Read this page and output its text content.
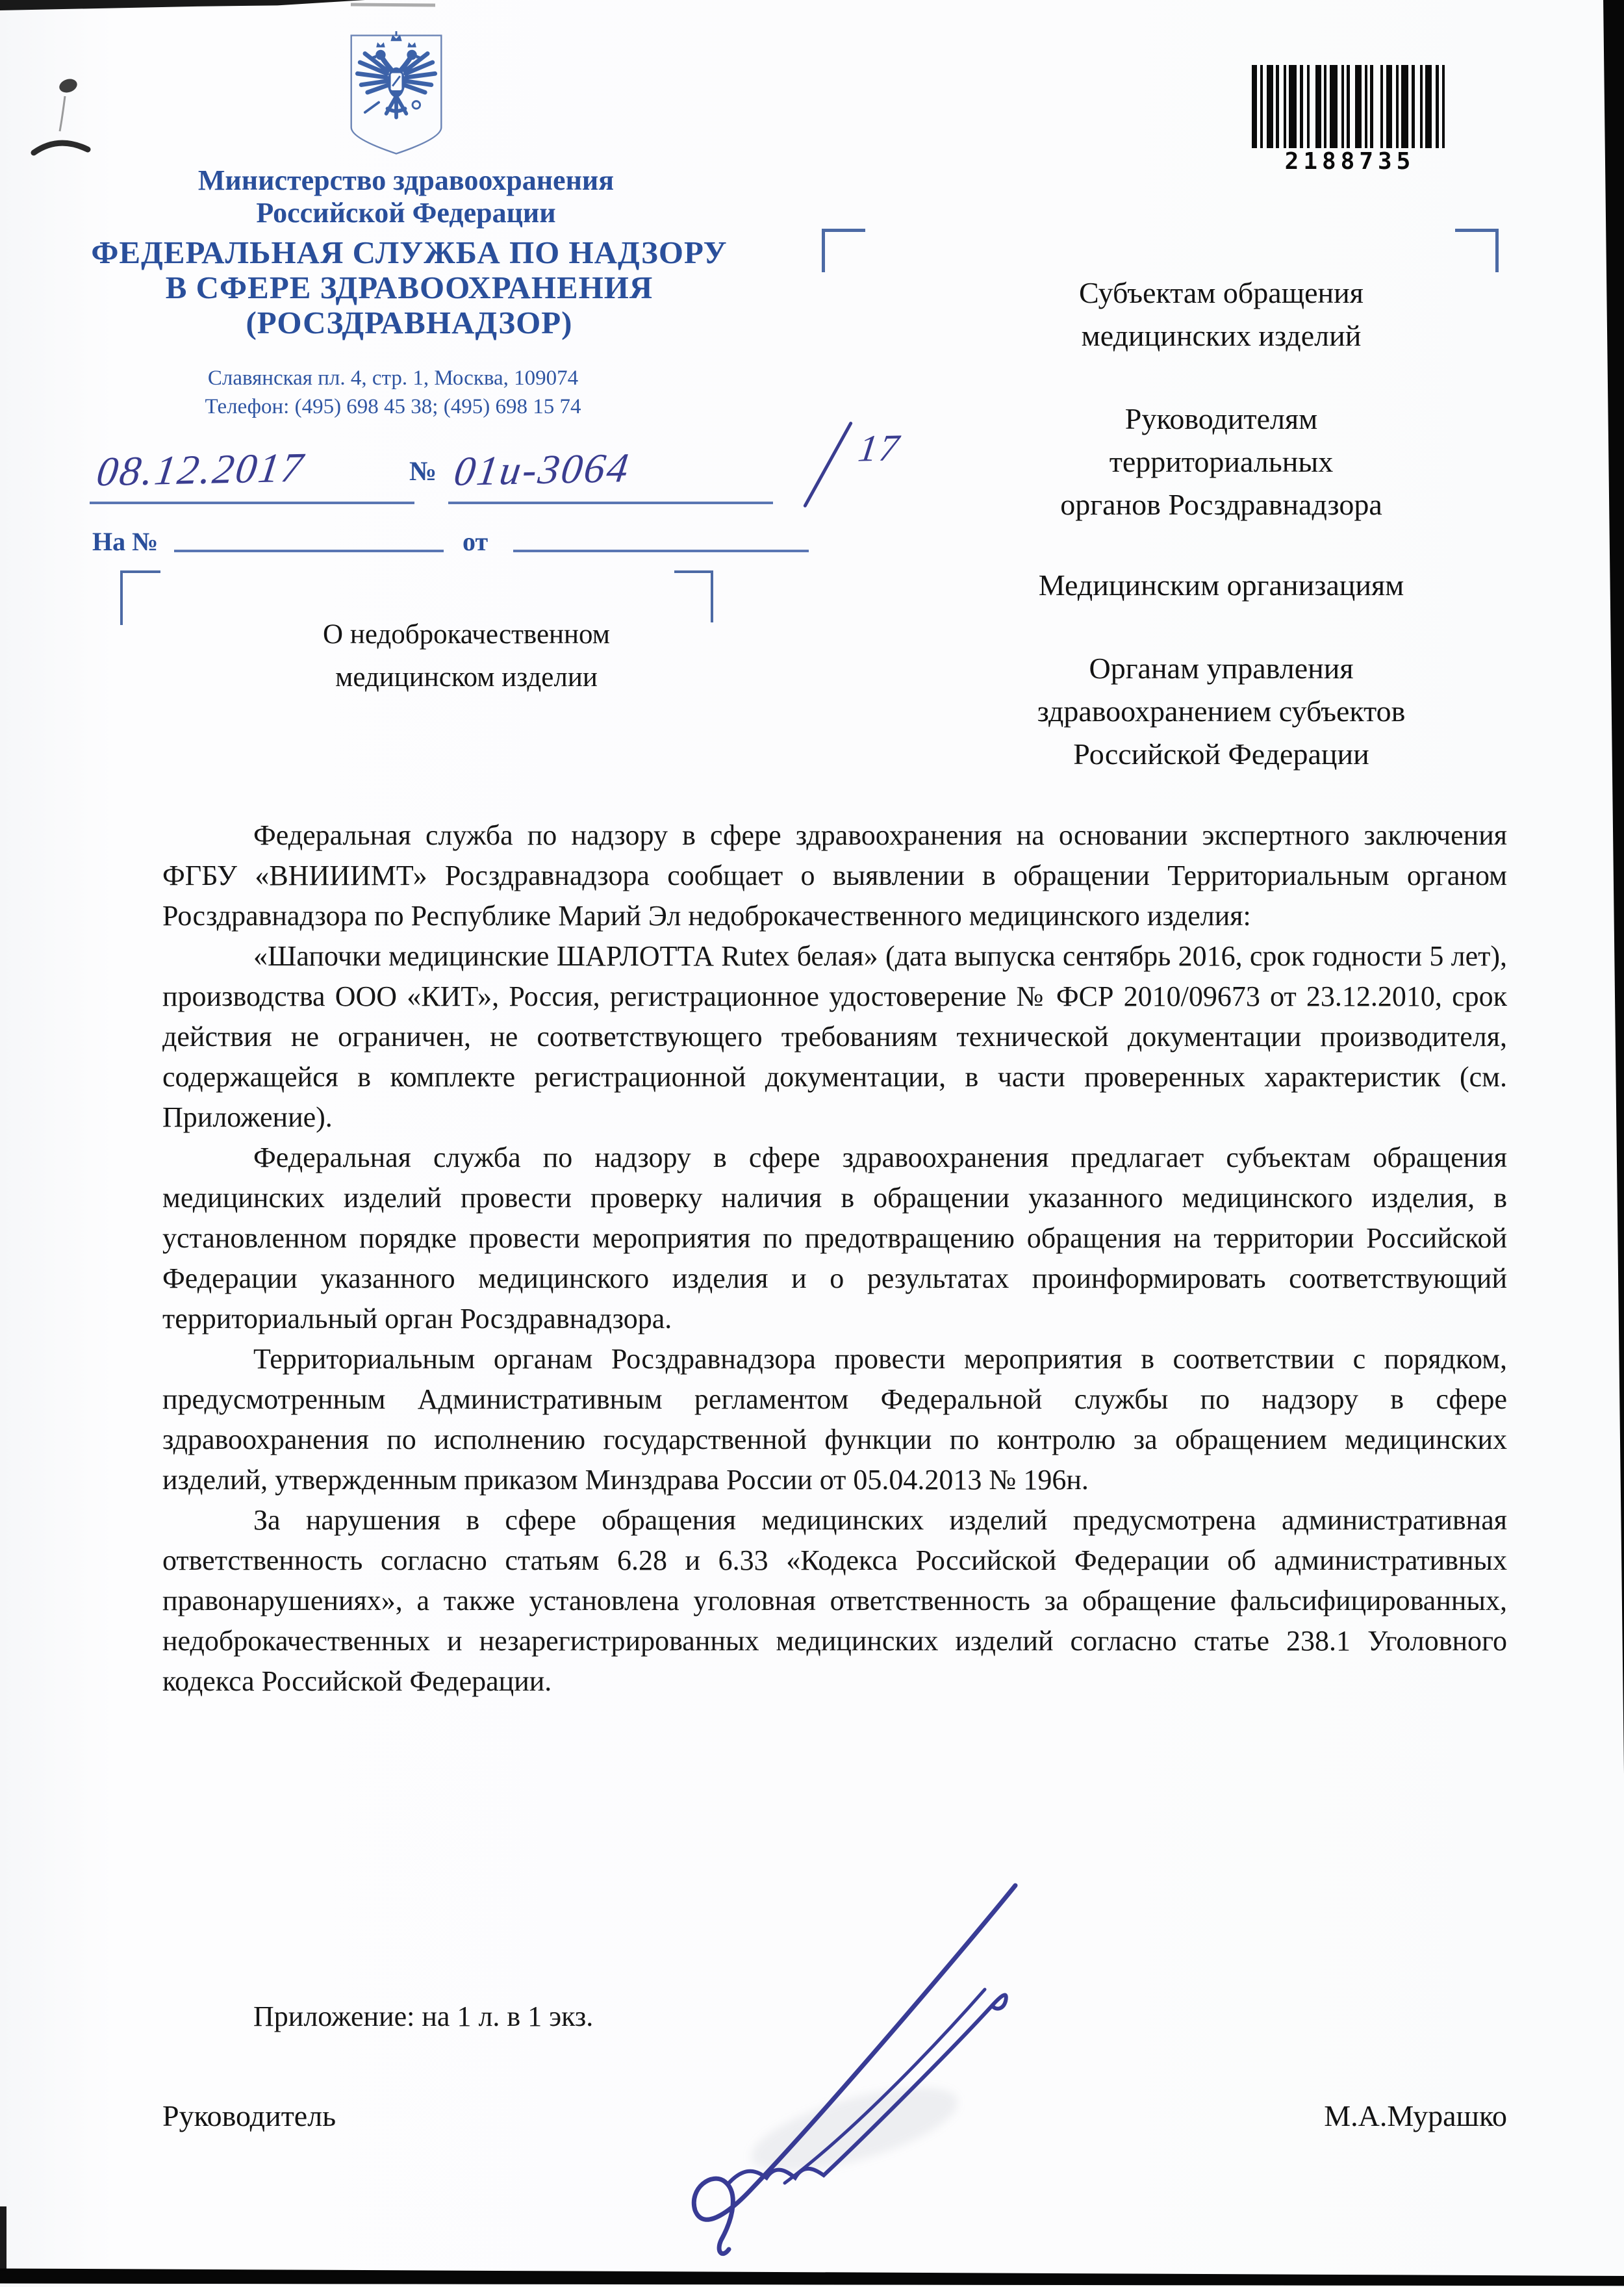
Министерство здравоохранения
Российской Федерации
ФЕДЕРАЛЬНАЯ СЛУЖБА ПО НАДЗОРУ
В СФЕРЕ ЗДРАВООХРАНЕНИЯ
(РОСЗДРАВНАДЗОР)
Славянская пл. 4, стр. 1, Москва, 109074
Телефон: (495) 698 45 38; (495) 698 15 74
2188735
08.12.2017	№ 01и-3064	17
На №	от
О недоброкачественном
медицинском изделии
Субъектам обращения
медицинских изделий
Руководителям
территориальных
органов Росздравнадзора
Медицинским организациям
Органам управления
здравоохранением субъектов
Российской Федерации

Федеральная служба по надзору в сфере здравоохранения на основании экспертного заключения ФГБУ «ВНИИИМТ» Росздравнадзора сообщает о выявлении в обращении Территориальным органом Росздравнадзора по Республике Марий Эл недоброкачественного медицинского изделия:

«Шапочки медицинские ШАРЛОТТА Rutex белая» (дата выпуска сентябрь 2016, срок годности 5 лет), производства ООО «КИТ», Россия, регистрационное удостоверение № ФСР 2010/09673 от 23.12.2010, срок действия не ограничен, не соответствующего требованиям технической документации производителя, содержащейся в комплекте регистрационной документации, в части проверенных характеристик (см. Приложение).

Федеральная служба по надзору в сфере здравоохранения предлагает субъектам обращения медицинских изделий провести проверку наличия в обращении указанного медицинского изделия, в установленном порядке провести мероприятия по предотвращению обращения на территории Российской Федерации указанного медицинского изделия и о результатах проинформировать соответствующий территориальный орган Росздравнадзора.

Территориальным органам Росздравнадзора провести мероприятия в соответствии с порядком, предусмотренным Административным регламентом Федеральной службы по надзору в сфере здравоохранения по исполнению государственной функции по контролю за обращением медицинских изделий, утвержденным приказом Минздрава России от 05.04.2013 № 196н.

За нарушения в сфере обращения медицинских изделий предусмотрена административная ответственность согласно статьям 6.28 и 6.33 «Кодекса Российской Федерации об административных правонарушениях», а также установлена уголовная ответственность за обращение фальсифицированных, недоброкачественных и незарегистрированных медицинских изделий согласно статье 238.1 Уголовного кодекса Российской Федерации.

Приложение: на 1 л. в 1 экз.
Руководитель	М.А.Мурашко
